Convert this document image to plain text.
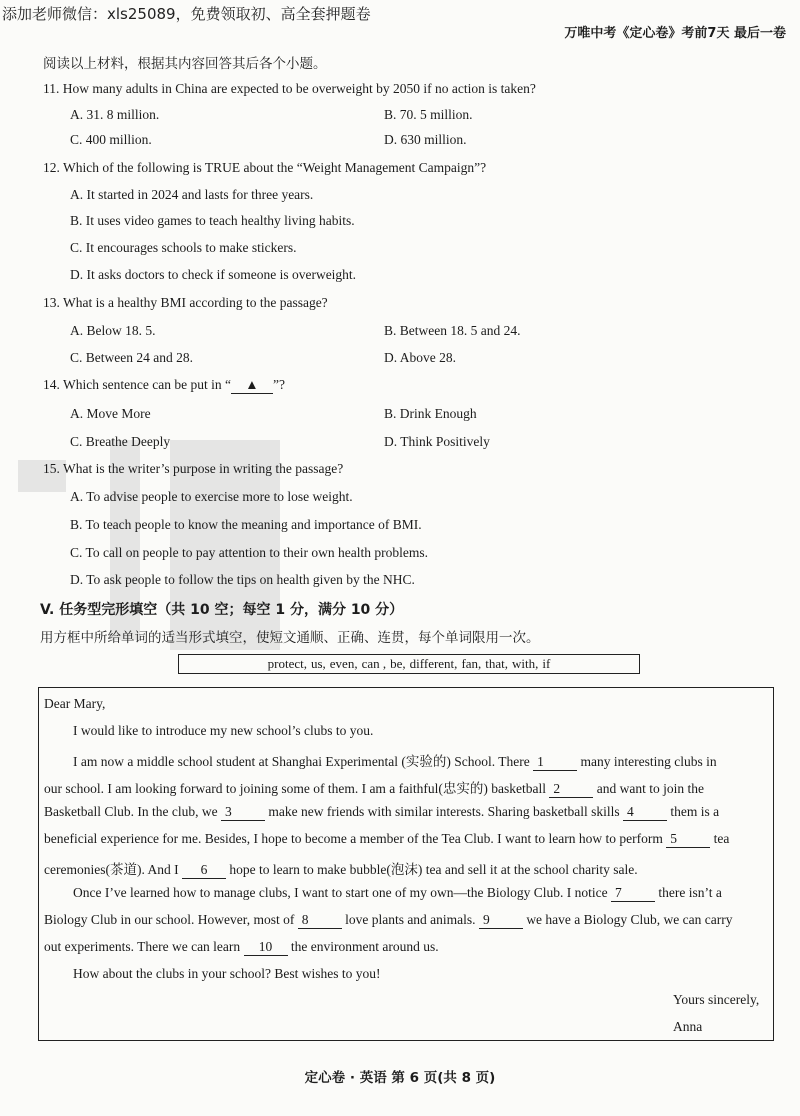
添加老师微信：xls25089，免费领取初、高全套押题卷
万唯中考《定心卷》考前7天 最后一卷
阅读以上材料，根据其内容回答其后各个小题。
11. How many adults in China are expected to be overweight by 2050 if no action is taken?
A. 31. 8 million.	B. 70. 5 million.
C. 400 million.	D. 630 million.
12. Which of the following is TRUE about the “Weight Management Campaign”?
A. It started in 2024 and lasts for three years.
B. It uses video games to teach healthy living habits.
C. It encourages schools to make stickers.
D. It asks doctors to check if someone is overweight.
13. What is a healthy BMI according to the passage?
A. Below 18. 5.	B. Between 18. 5 and 24.
C. Between 24 and 28.	D. Above 28.
14. Which sentence can be put in “ ▲ ”?
A. Move More	B. Drink Enough
C. Breathe Deeply	D. Think Positively
15. What is the writer’s purpose in writing the passage?
A. To advise people to exercise more to lose weight.
B. To teach people to know the meaning and importance of BMI.
C. To call on people to pay attention to their own health problems.
D. To ask people to follow the tips on health given by the NHC.
V. 任务型完形填空（共 10 空；每空 1 分，满分 10 分）
用方框中所给单词的适当形式填空，使短文通顺、正确、连贯，每个单词限用一次。
protect, us, even, can , be, different, fan, that, with, if
Dear Mary,
I would like to introduce my new school’s clubs to you.
I am now a middle school student at Shanghai Experimental (实验的) School. There 1 many interesting clubs in
our school. I am looking forward to joining some of them. I am a faithful(忠实的) basketball 2 and want to join the
Basketball Club. In the club, we 3 make new friends with similar interests. Sharing basketball skills 4 them is a
beneficial experience for me. Besides, I hope to become a member of the Tea Club. I want to learn how to perform 5 tea
ceremonies(茶道). And I 6 hope to learn to make bubble(泡沫) tea and sell it at the school charity sale.
Once I’ve learned how to manage clubs, I want to start one of my own—the Biology Club. I notice 7 there isn’t a
Biology Club in our school. However, most of 8 love plants and animals. 9 we have a Biology Club, we can carry
out experiments. There we can learn 10 the environment around us.
How about the clubs in your school? Best wishes to you!
Yours sincerely,
Anna
定心卷 · 英语 第 6 页(共 8 页)
